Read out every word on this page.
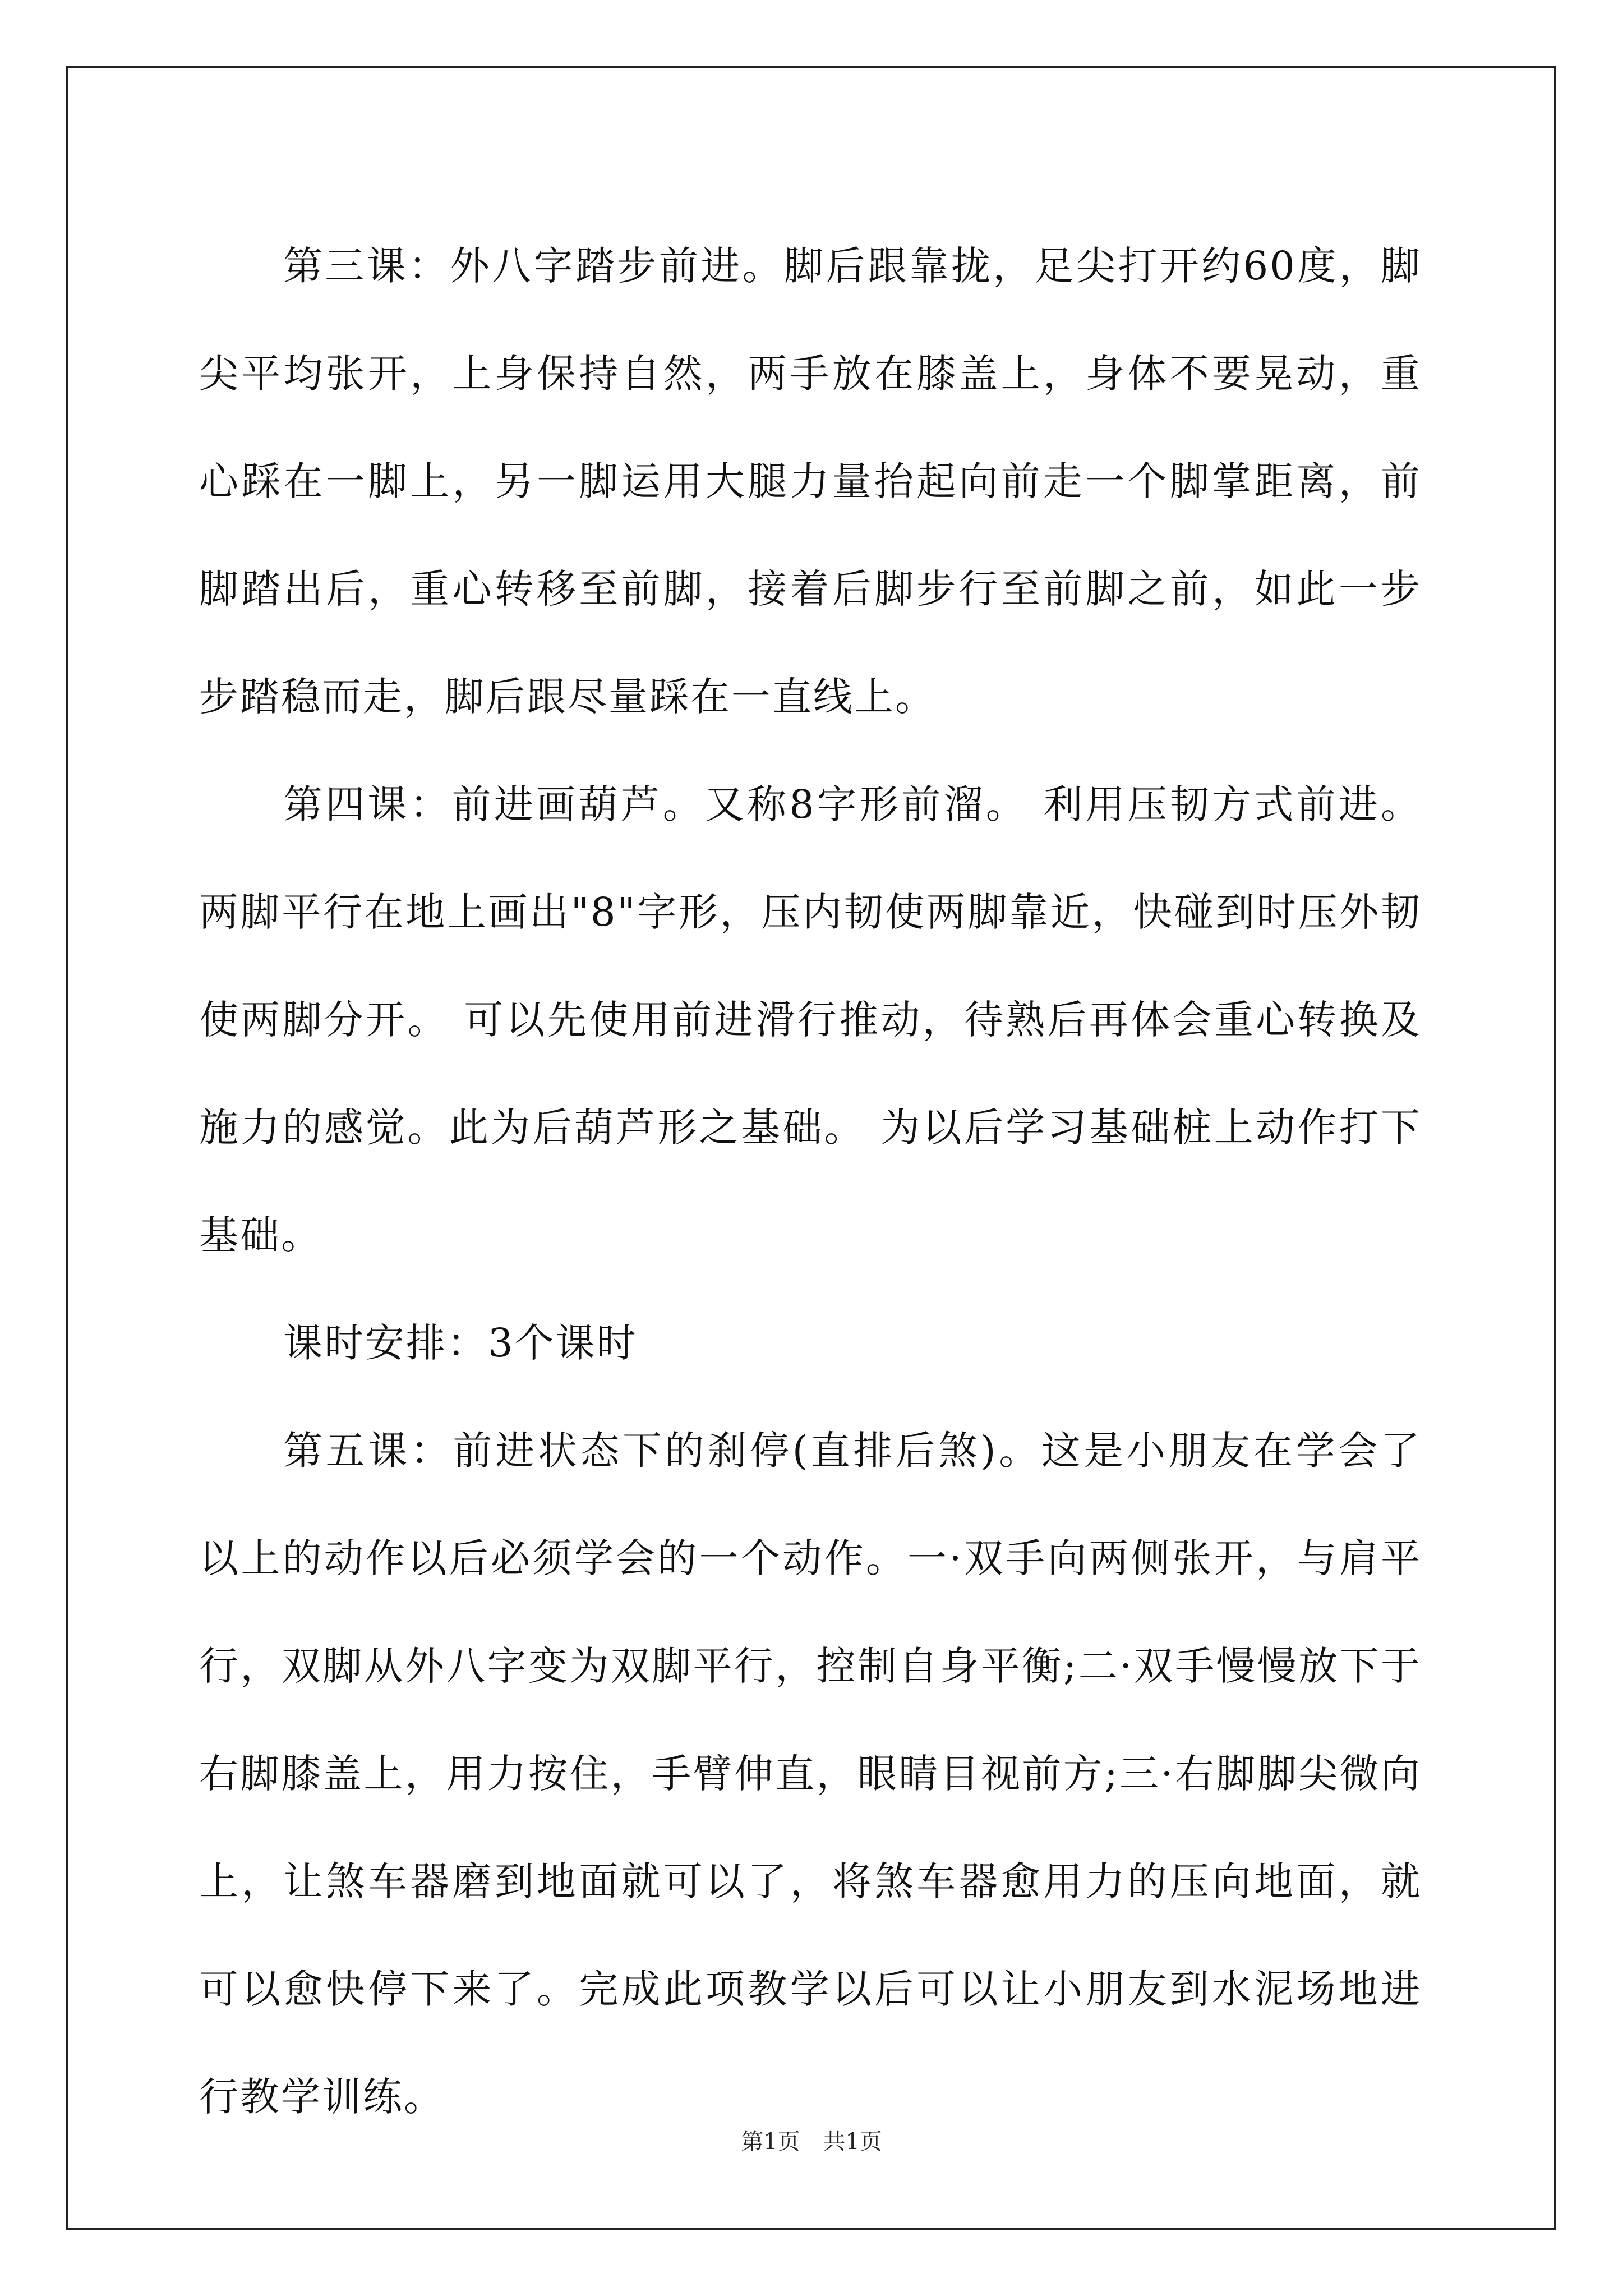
第三课：外八字踏步前进。脚后跟靠拢，足尖打开约60度，脚尖平均张开，上身保持自然，两手放在膝盖上，身体不要晃动，重心踩在一脚上，另一脚运用大腿力量抬起向前走一个脚掌距离，前脚踏出后，重心转移至前脚，接着后脚步行至前脚之前，如此一步步踏稳而走，脚后跟尽量踩在一直线上。

第四课：前进画葫芦。又称8字形前溜。 利用压韧方式前进。两脚平行在地上画出"8"字形，压内韧使两脚靠近，快碰到时压外韧使两脚分开。 可以先使用前进滑行推动，待熟后再体会重心转换及施力的感觉。此为后葫芦形之基础。 为以后学习基础桩上动作打下基础。

课时安排：3个课时

第五课：前进状态下的刹停(直排后煞)。这是小朋友在学会了以上的动作以后必须学会的一个动作。一·双手向两侧张开，与肩平行，双脚从外八字变为双脚平行，控制自身平衡;二·双手慢慢放下于右脚膝盖上，用力按住，手臂伸直，眼睛目视前方;三·右脚脚尖微向上，让煞车器磨到地面就可以了，将煞车器愈用力的压向地面，就可以愈快停下来了。完成此项教学以后可以让小朋友到水泥场地进行教学训练。

第1页 共1页
